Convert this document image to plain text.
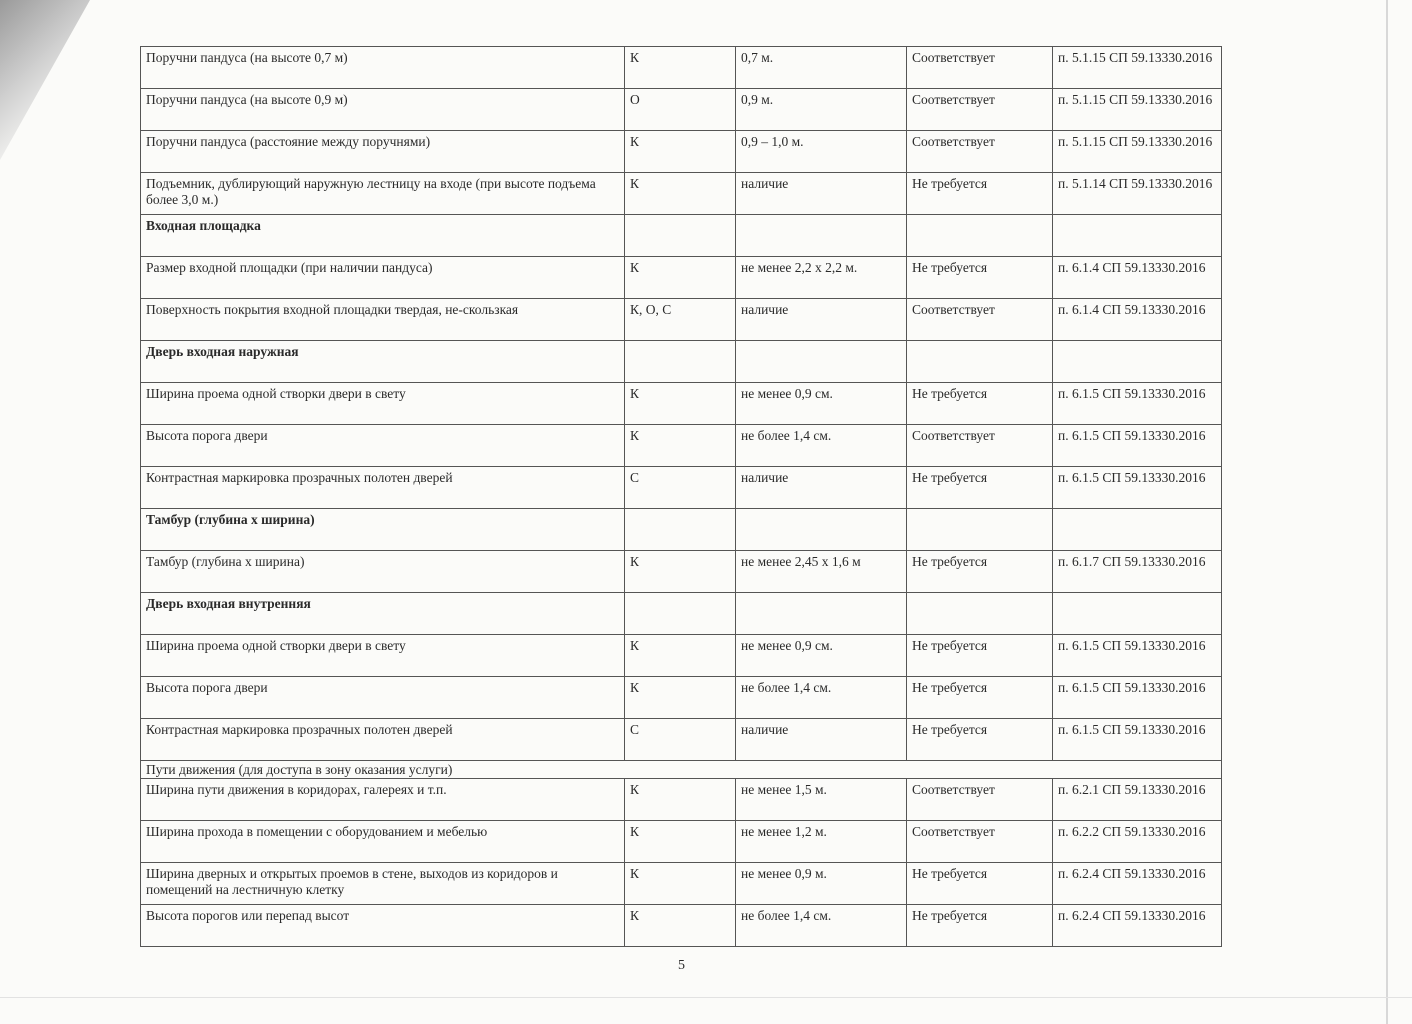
Поручни пандуса (на высоте 0,7 м)	К	0,7 м.	Соответствует	п. 5.1.15 СП 59.13330.2016
Поручни пандуса (на высоте 0,9 м)	О	0,9 м.	Соответствует	п. 5.1.15 СП 59.13330.2016
Поручни пандуса (расстояние между поручнями)	К	0,9 – 1,0 м.	Соответствует	п. 5.1.15 СП 59.13330.2016
Подъемник, дублирующий наружную лестницу на входе (при высоте подъема более 3,0 м.)	К	наличие	Не требуется	п. 5.1.14 СП 59.13330.2016
Входная площадка				
Размер входной площадки (при наличии пандуса)	К	не менее 2,2 х 2,2 м.	Не требуется	п. 6.1.4 СП 59.13330.2016
Поверхность покрытия входной площадки твердая, не-скользкая	К, О, С	наличие	Соответствует	п. 6.1.4 СП 59.13330.2016
Дверь входная наружная				
Ширина проема одной створки двери в свету	К	не менее 0,9 см.	Не требуется	п. 6.1.5 СП 59.13330.2016
Высота порога двери	К	не более 1,4 см.	Соответствует	п. 6.1.5 СП 59.13330.2016
Контрастная маркировка прозрачных полотен дверей	С	наличие	Не требуется	п. 6.1.5 СП 59.13330.2016
Тамбур (глубина х ширина)				
Тамбур (глубина х ширина)	К	не менее 2,45 х 1,6 м	Не требуется	п. 6.1.7 СП 59.13330.2016
Дверь входная внутренняя				
Ширина проема одной створки двери в свету	К	не менее 0,9 см.	Не требуется	п. 6.1.5 СП 59.13330.2016
Высота порога двери	К	не более 1,4 см.	Не требуется	п. 6.1.5 СП 59.13330.2016
Контрастная маркировка прозрачных полотен дверей	С	наличие	Не требуется	п. 6.1.5 СП 59.13330.2016
Пути движения (для доступа в зону оказания услуги)				
Ширина пути движения в коридорах, галереях и т.п.	К	не менее 1,5 м.	Соответствует	п. 6.2.1 СП 59.13330.2016
Ширина прохода в помещении с оборудованием и мебелью	К	не менее 1,2 м.	Соответствует	п. 6.2.2 СП 59.13330.2016
Ширина дверных и открытых проемов в стене, выходов из коридоров и помещений на лестничную клетку	К	не менее 0,9 м.	Не требуется	п. 6.2.4 СП 59.13330.2016
Высота порогов или перепад высот	К	не более 1,4 см.	Не требуется	п. 6.2.4 СП 59.13330.2016
5
